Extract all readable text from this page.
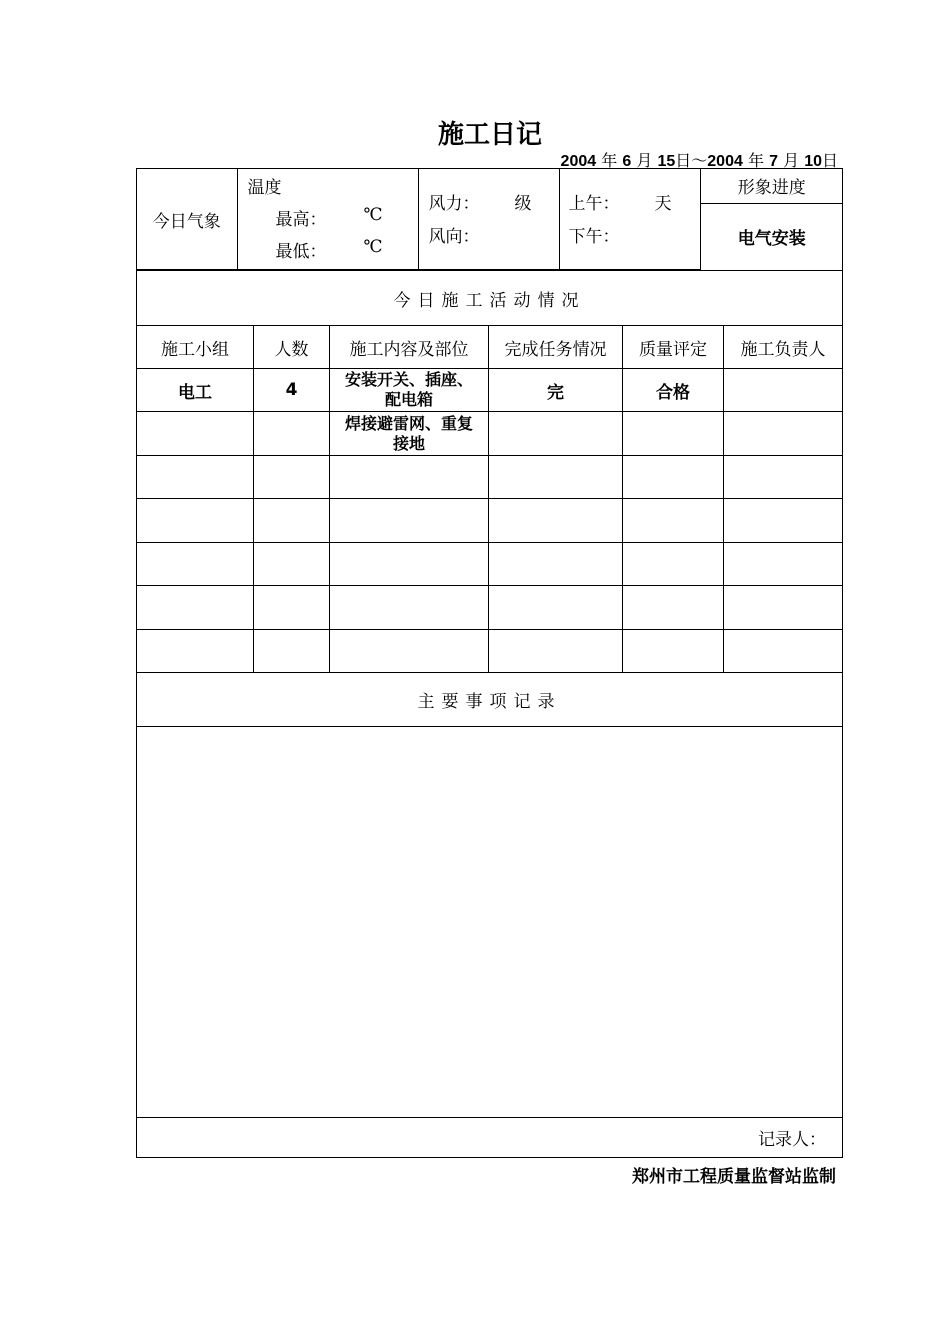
施工日记
2004 年 6 月 15日～2004 年 7 月 10日
今日气象	
温度
最高： ℃
最低： ℃

风力： 级
风向：

上午： 天
下午：
	形象进度
电气安装

今日施工活动情况
施工小组	人数	施工内容及部位	完成任务情况	质量评定	施工负责人
电工	4	安装开关、插座、配电箱	完	合格	
		焊接避雷网、重复接地			

主要事项记录

记录人：
郑州市工程质量监督站监制
